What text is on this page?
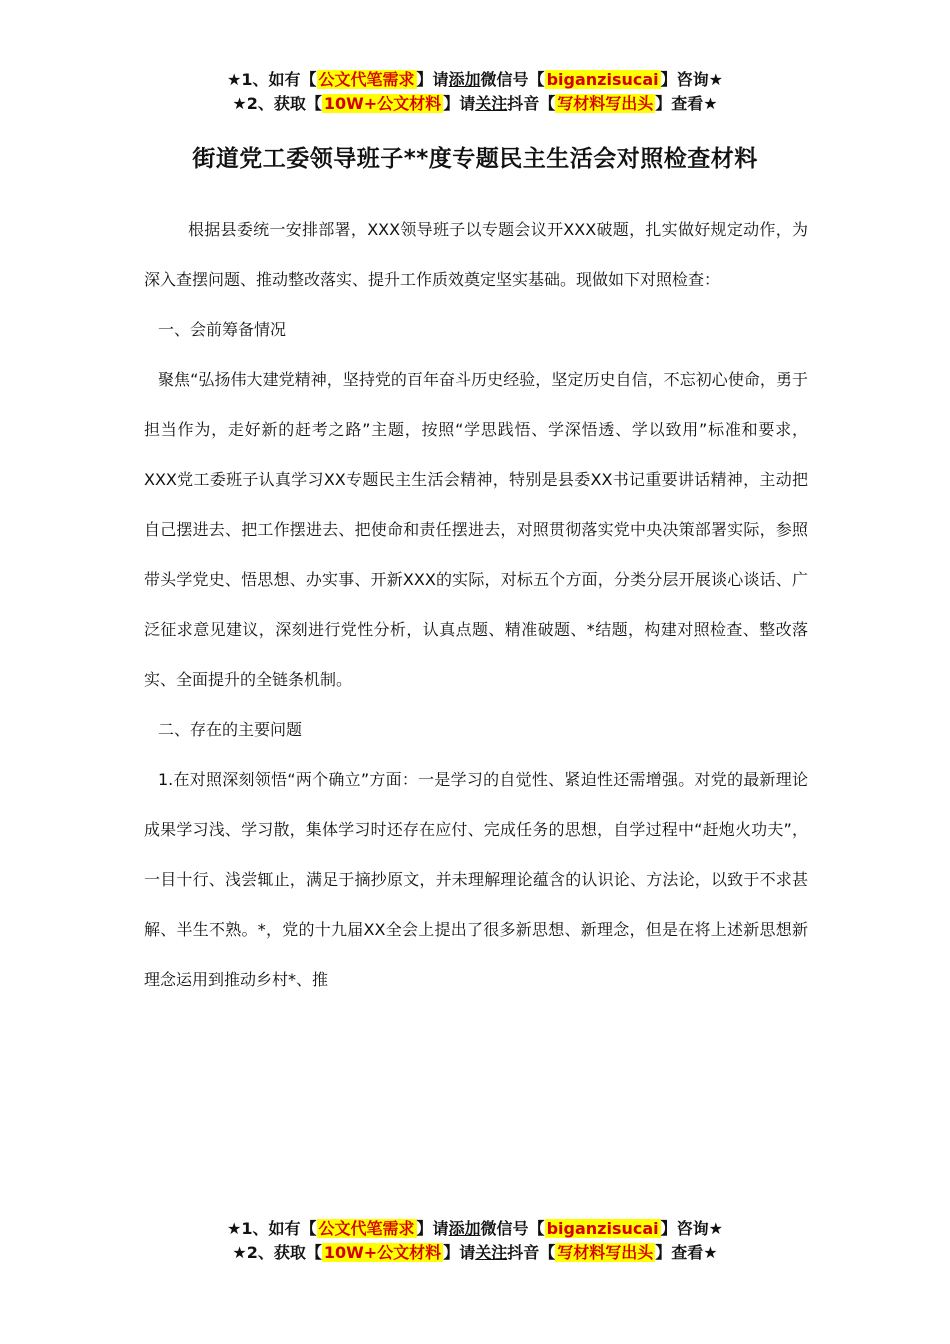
★1、如有【 公文代笔需求 】请添加微信号【 biganzisucai 】咨询★
★2、获取【 10W+公文材料 】请关注抖音【 写材料写出头 】查看★
街道党工委领导班子**度专题民主生活会对照检查材料

根据县委统一安排部署，XXX领导班子以专题会议开XXX破题，扎实做好规定动作，为深入查摆问题、推动整改落实、提升工作质效奠定坚实基础。现做如下对照检查：

一、会前筹备情况

聚焦“弘扬伟大建党精神，坚持党的百年奋斗历史经验，坚定历史自信，不忘初心使命，勇于担当作为，走好新的赶考之路”主题，按照“学思践悟、学深悟透、学以致用”标准和要求，XXX党工委班子认真学习XX专题民主生活会精神，特别是县委XX书记重要讲话精神，主动把自己摆进去、把工作摆进去、把使命和责任摆进去，对照贯彻落实党中央决策部署实际，参照带头学党史、悟思想、办实事、开新XXX的实际，对标五个方面，分类分层开展谈心谈话、广泛征求意见建议，深刻进行党性分析，认真点题、精准破题、*结题，构建对照检查、整改落实、全面提升的全链条机制。

二、存在的主要问题

1.在对照深刻领悟“两个确立”方面：一是学习的自觉性、紧迫性还需增强。对党的最新理论成果学习浅、学习散，集体学习时还存在应付、完成任务的思想，自学过程中“赶炮火功夫”，一目十行、浅尝辄止，满足于摘抄原文，并未理解理论蕴含的认识论、方法论，以致于不求甚解、半生不熟。*，党的十九届XX全会上提出了很多新思想、新理念，但是在将上述新思想新理念运用到推动乡村*、推

★1、如有【 公文代笔需求 】请添加微信号【 biganzisucai 】咨询★
★2、获取【 10W+公文材料 】请关注抖音【 写材料写出头 】查看★
